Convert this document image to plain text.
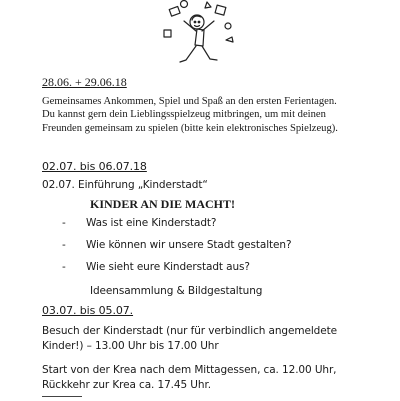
28.06. + 29.06.18
Gemeinsames Ankommen, Spiel und Spaß an den ersten Ferientagen.
Du kannst gern dein Lieblingsspielzeug mitbringen, um mit deinen
Freunden gemeinsam zu spielen (bitte kein elektronisches Spielzeug).
02.07. bis 06.07.18
02.07. Einführung „Kinderstadt“
KINDER AN DIE MACHT!
-	Was ist eine Kinderstadt?
-	Wie können wir unsere Stadt gestalten?
-	Wie sieht eure Kinderstadt aus?
Ideensammlung & Bildgestaltung
03.07. bis 05.07.
Besuch der Kinderstadt (nur für verbindlich angemeldete
Kinder!) – 13.00 Uhr bis 17.00 Uhr
Start von der Krea nach dem Mittagessen, ca. 12.00 Uhr,
Rückkehr zur Krea ca. 17.45 Uhr.
